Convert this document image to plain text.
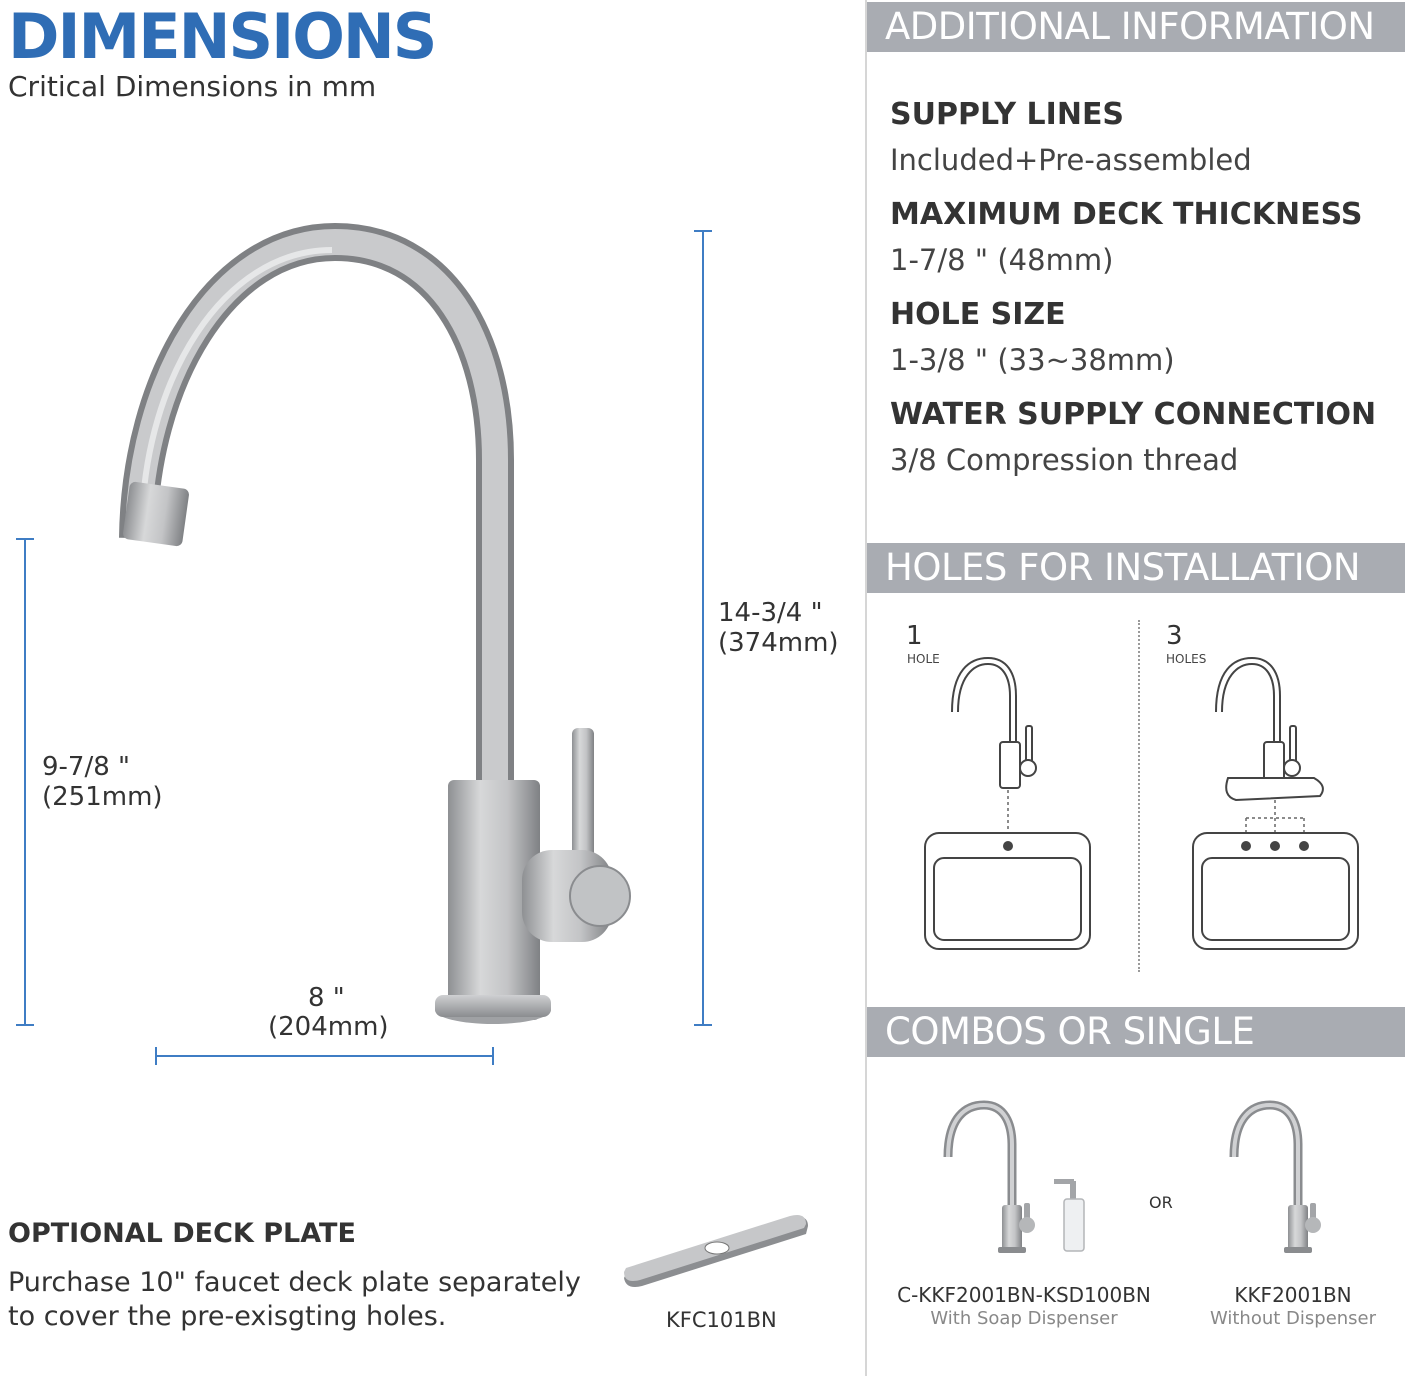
DIMENSIONS
Critical Dimensions in mm
14-3/4 "
(374mm)
9-7/8 "
(251mm)
8 "
(204mm)
OPTIONAL DECK PLATE
Purchase 10" faucet deck plate separately
to cover the pre-exisgting holes.	KFC101BN
ADDITIONAL INFORMATION
SUPPLY LINES
Included+Pre-assembled
MAXIMUM DECK THICKNESS
1-7/8 " (48mm)
HOLE SIZE
1-3/8 " (33~38mm)
WATER SUPPLY CONNECTION
3/8 Compression thread
HOLES FOR INSTALLATION
1
HOLE
3
HOLES
COMBOS OR SINGLE
OR
C-KKF2001BN-KSD100BN
With Soap Dispenser
KKF2001BN
Without Dispenser
